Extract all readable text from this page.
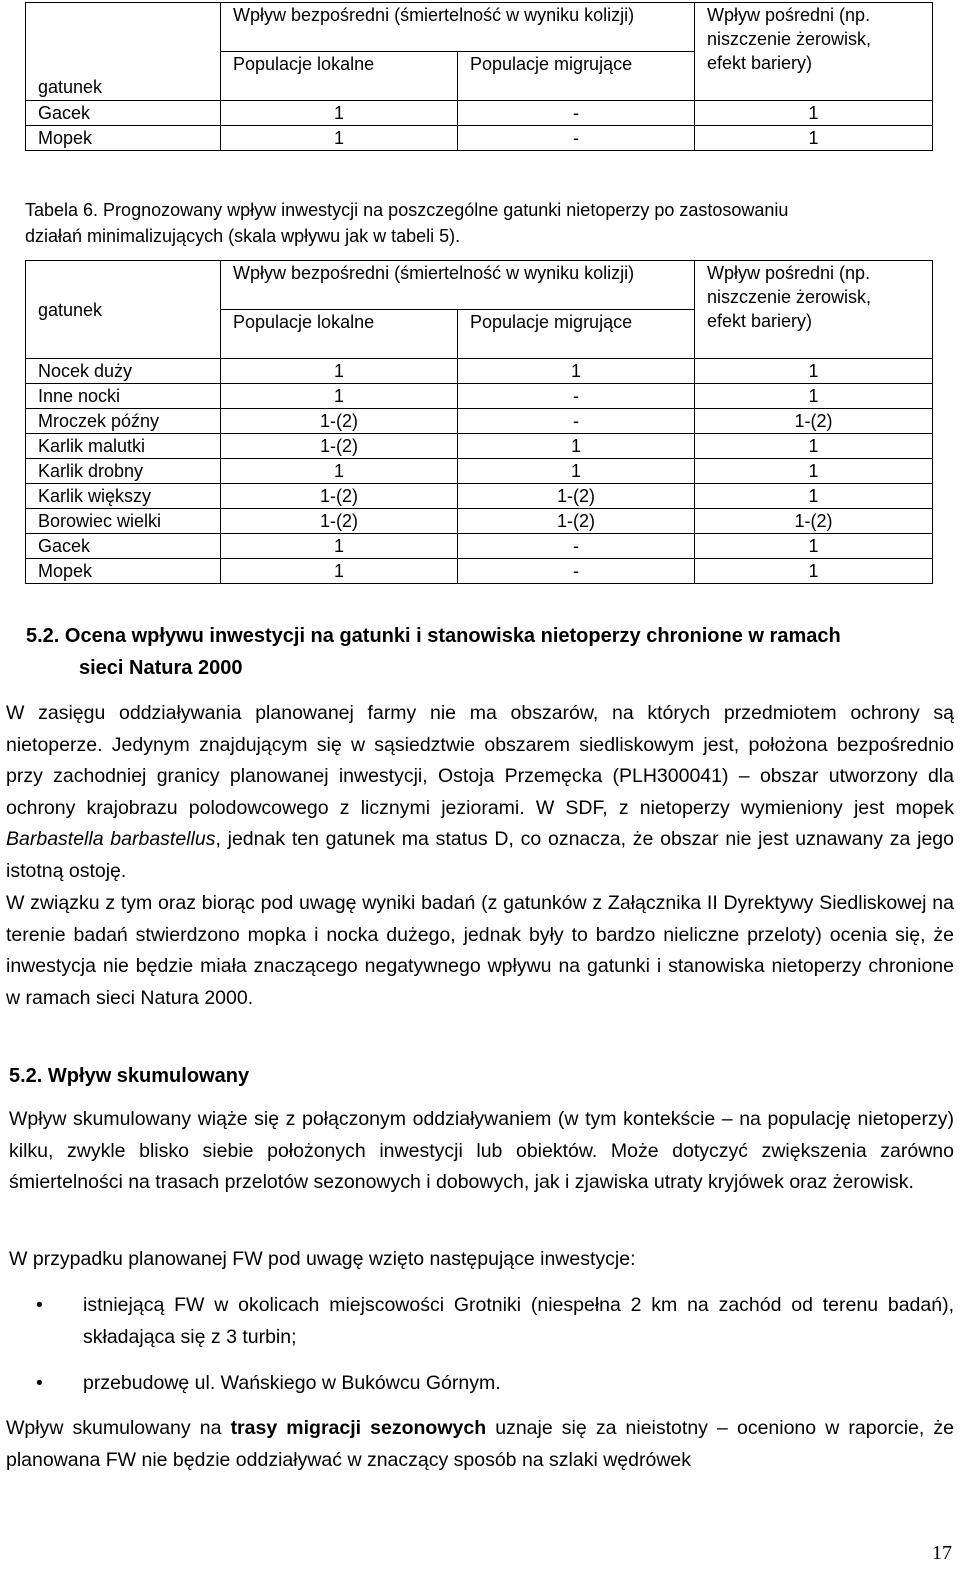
gatunek	Wpływ bezpośredni (śmiertelność w wyniku kolizji)		Wpływ pośredni (np. niszczenie żerowisk, efekt bariery)
	Populacje lokalne	Populacje migrujące	
Gacek	1	-	1
Mopek	1	-	1

Tabela 6. Prognozowany wpływ inwestycji na poszczególne gatunki nietoperzy po zastosowaniu

działań minimalizujących (skala wpływu jak w tabeli 5).

gatunek	Wpływ bezpośredni (śmiertelność w wyniku kolizji)		Wpływ pośredni (np. niszczenie żerowisk, efekt bariery)
	Populacje lokalne	Populacje migrujące	
Nocek duży	1	1	1
Inne nocki	1	-	1
Mroczek późny	1-(2)	-	1-(2)
Karlik malutki	1-(2)	1	1
Karlik drobny	1	1	1
Karlik większy	1-(2)	1-(2)	1
Borowiec wielki	1-(2)	1-(2)	1-(2)
Gacek	1	-	1
Mopek	1	-	1
5.2. Ocena wpływu inwestycji na gatunki i stanowiska nietoperzy chronione w ramach
sieci Natura 2000

W zasięgu oddziaływania planowanej farmy nie ma obszarów, na których przedmiotem ochrony są nietoperze. Jedynym znajdującym się w sąsiedztwie obszarem siedliskowym jest, położona bezpośrednio przy zachodniej granicy planowanej inwestycji, Ostoja Przemęcka (PLH300041) – obszar utworzony dla ochrony krajobrazu polodowcowego z licznymi jeziorami. W SDF, z nietoperzy wymieniony jest mopek Barbastella barbastellus, jednak ten gatunek ma status D, co oznacza, że obszar nie jest uznawany za jego istotną ostoję.

W związku z tym oraz biorąc pod uwagę wyniki badań (z gatunków z Załącznika II Dyrektywy Siedliskowej na terenie badań stwierdzono mopka i nocka dużego, jednak były to bardzo nieliczne przeloty) ocenia się, że inwestycja nie będzie miała znaczącego negatywnego wpływu na gatunki i stanowiska nietoperzy chronione w ramach sieci Natura 2000.

5.2. Wpływ skumulowany

Wpływ skumulowany wiąże się z połączonym oddziaływaniem (w tym kontekście – na populację nietoperzy) kilku, zwykle blisko siebie położonych inwestycji lub obiektów. Może dotyczyć zwiększenia zarówno śmiertelności na trasach przelotów sezonowych i dobowych, jak i zjawiska utraty kryjówek oraz żerowisk.

W przypadku planowanej FW pod uwagę wzięto następujące inwestycje:

• istniejącą FW w okolicach miejscowości Grotniki (niespełna 2 km na zachód od terenu badań), składająca się z 3 turbin;
• przebudowę ul. Wańskiego w Bukówcu Górnym.

Wpływ skumulowany na trasy migracji sezonowych uznaje się za nieistotny – oceniono w raporcie, że planowana FW nie będzie oddziaływać w znaczący sposób na szlaki wędrówek

17
